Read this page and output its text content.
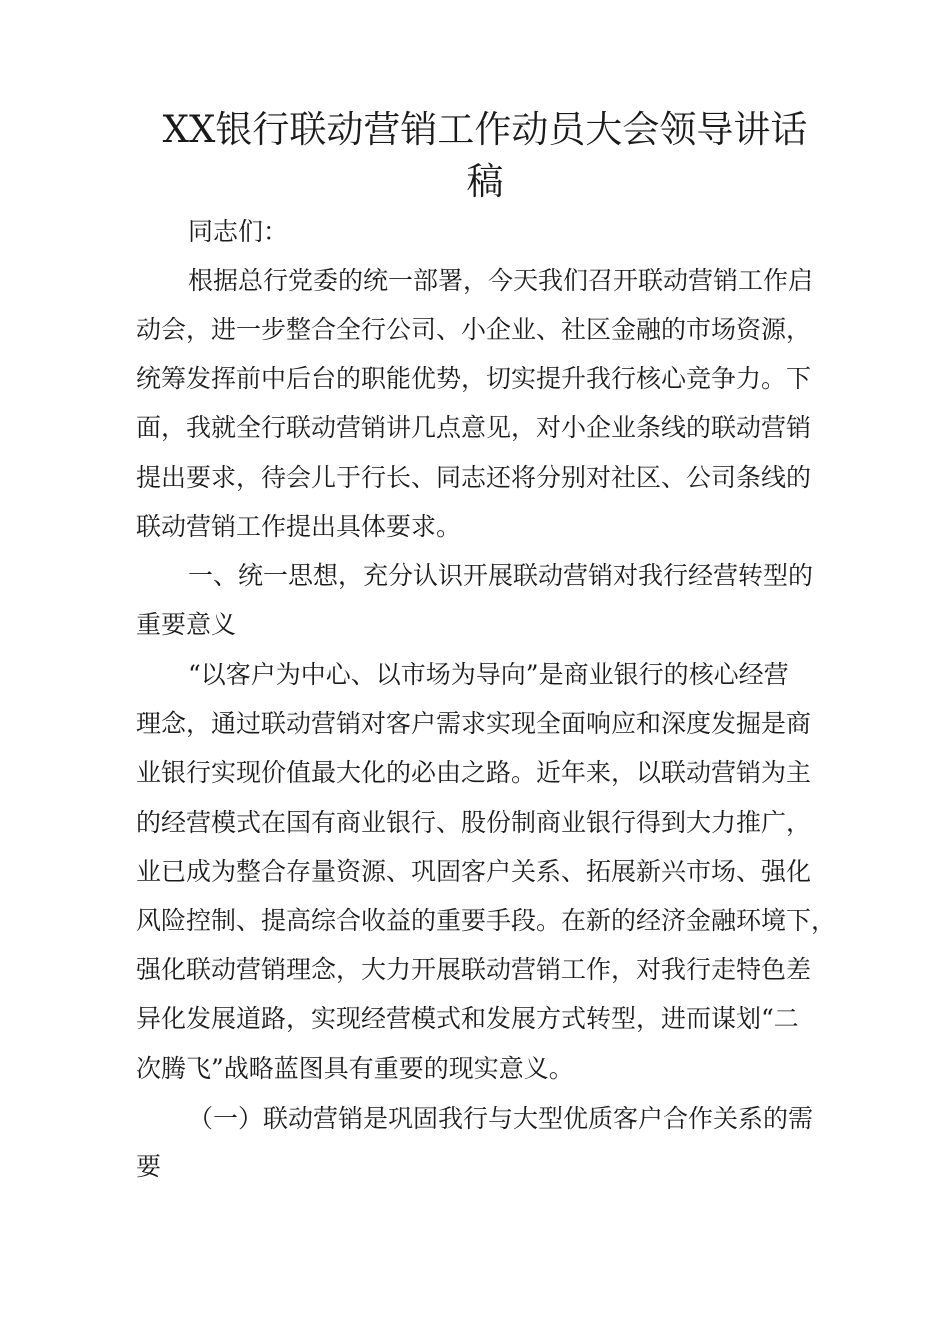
XX银行联动营销工作动员大会领导讲话
稿

同志们：

根据总行党委的统一部署，今天我们召开联动营销工作启

动会，进一步整合全行公司、小企业、社区金融的市场资源，

统筹发挥前中后台的职能优势，切实提升我行核心竞争力。下

面，我就全行联动营销讲几点意见，对小企业条线的联动营销

提出要求，待会儿于行长、同志还将分别对社区、公司条线的

联动营销工作提出具体要求。

一、统一思想，充分认识开展联动营销对我行经营转型的

重要意义

“以客户为中心、以市场为导向”是商业银行的核心经营

理念，通过联动营销对客户需求实现全面响应和深度发掘是商

业银行实现价值最大化的必由之路。近年来，以联动营销为主

的经营模式在国有商业银行、股份制商业银行得到大力推广，

业已成为整合存量资源、巩固客户关系、拓展新兴市场、强化

风险控制、提高综合收益的重要手段。在新的经济金融环境下，

强化联动营销理念，大力开展联动营销工作，对我行走特色差

异化发展道路，实现经营模式和发展方式转型，进而谋划“二

次腾飞”战略蓝图具有重要的现实意义。

（一）联动营销是巩固我行与大型优质客户合作关系的需

要
